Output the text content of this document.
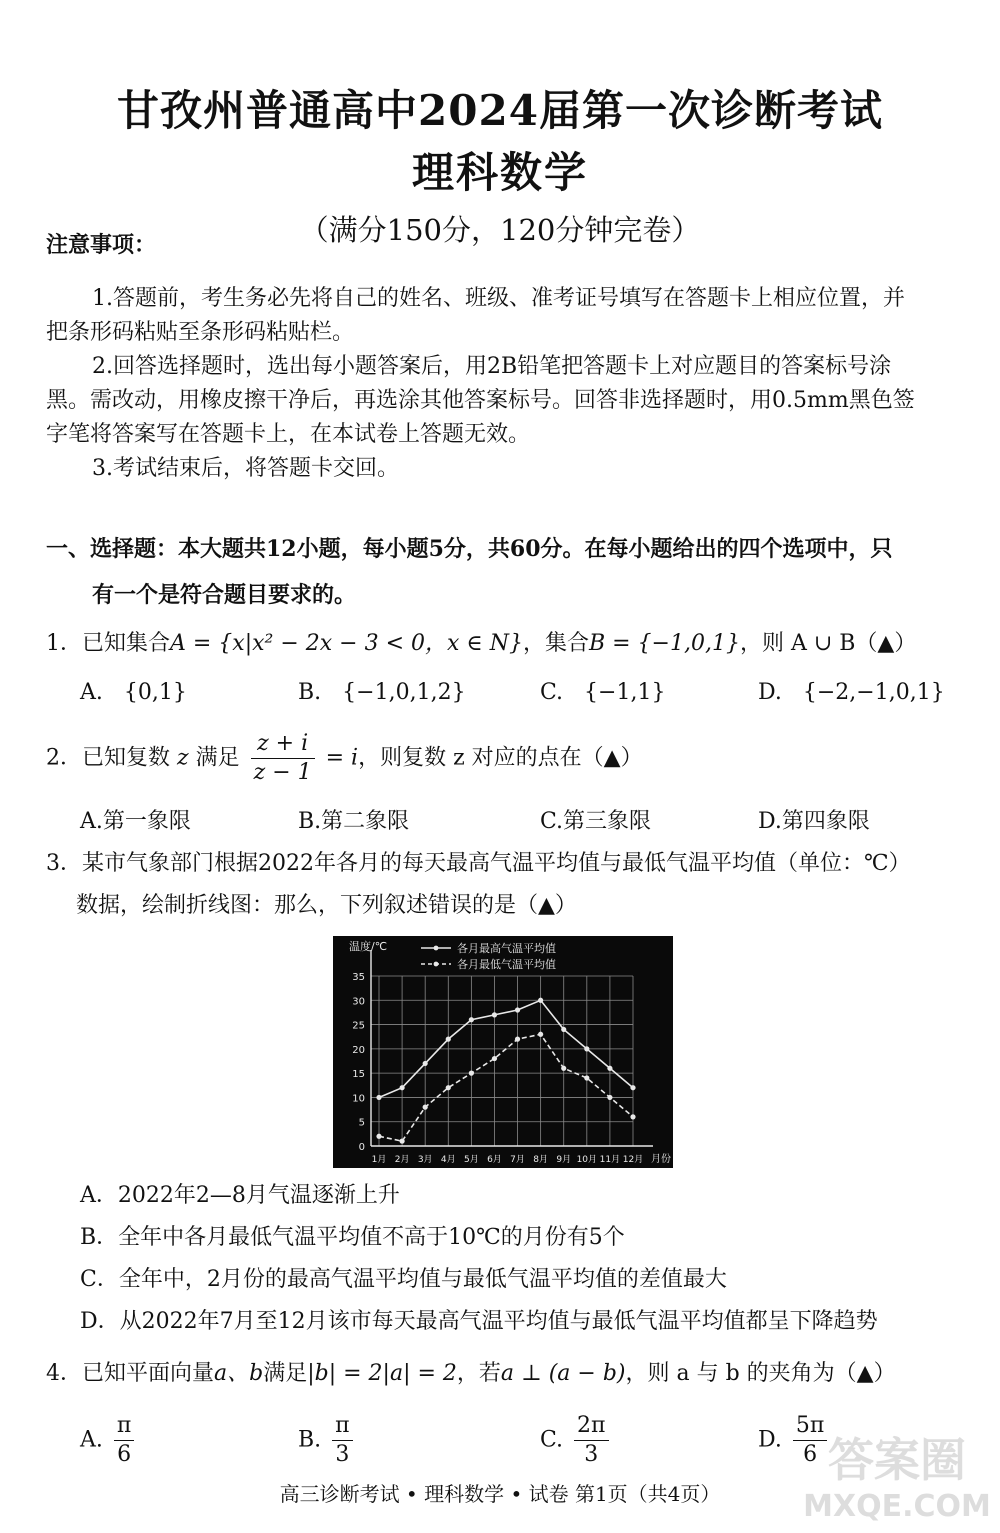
甘孜州普通高中2024届第一次诊断考试
理科数学
（满分150分，120分钟完卷）
注意事项：
1.答题前，考生务必先将自己的姓名、班级、准考证号填写在答题卡上相应位置，并
把条形码粘贴至条形码粘贴栏。
2.回答选择题时，选出每小题答案后，用2B铅笔把答题卡上对应题目的答案标号涂
黑。需改动，用橡皮擦干净后，再选涂其他答案标号。回答非选择题时，用0.5mm黑色签
字笔将答案写在答题卡上，在本试卷上答题无效。
3.考试结束后，将答题卡交回。
一、选择题：本大题共12小题，每小题5分，共60分。在每小题给出的四个选项中，只
有一个是符合题目要求的。
1．已知集合A = {x|x² − 2x − 3 < 0，x ∈ N}，集合B = {−1,0,1}，则 A ∪ B（▲）
A. {0,1}	B. {−1,0,1,2}	C. {−1,1}	D. {−2,−1,0,1}
2．已知复数 z 满足 $\frac{z + i}{z - 1} = i$，则复数 z 对应的点在（▲）
A.第一象限	B.第二象限	C.第三象限	D.第四象限
3．某市气象部门根据2022年各月的每天最高气温平均值与最低气温平均值（单位：℃）
数据，绘制折线图：那么，下列叙述错误的是（▲）
0
5
10
15
20
25
30
35
1月 2月 3月 4月 5月 6月 7月 8月 9月 10月 11月 12月 月份
温度/℃	各月最高气温平均值
各月最低气温平均值
A．2022年2—8月气温逐渐上升
B．全年中各月最低气温平均值不高于10℃的月份有5个
C．全年中，2月份的最高气温平均值与最低气温平均值的差值最大
D．从2022年7月至12月该市每天最高气温平均值与最低气温平均值都呈下降趋势
4．已知平面向量a、b满足|b| = 2|a| = 2，若a ⊥ (a − b)，则 a 与 b 的夹角为（▲）
A. $\frac{\pi}{6}$	B. $\frac{\pi}{3}$	C. $\frac{2\pi}{3}$	D. $\frac{5\pi}{6}$
高三诊断考试 • 理科数学 • 试卷 第1页（共4页）
答案圈
MXQE.COM
